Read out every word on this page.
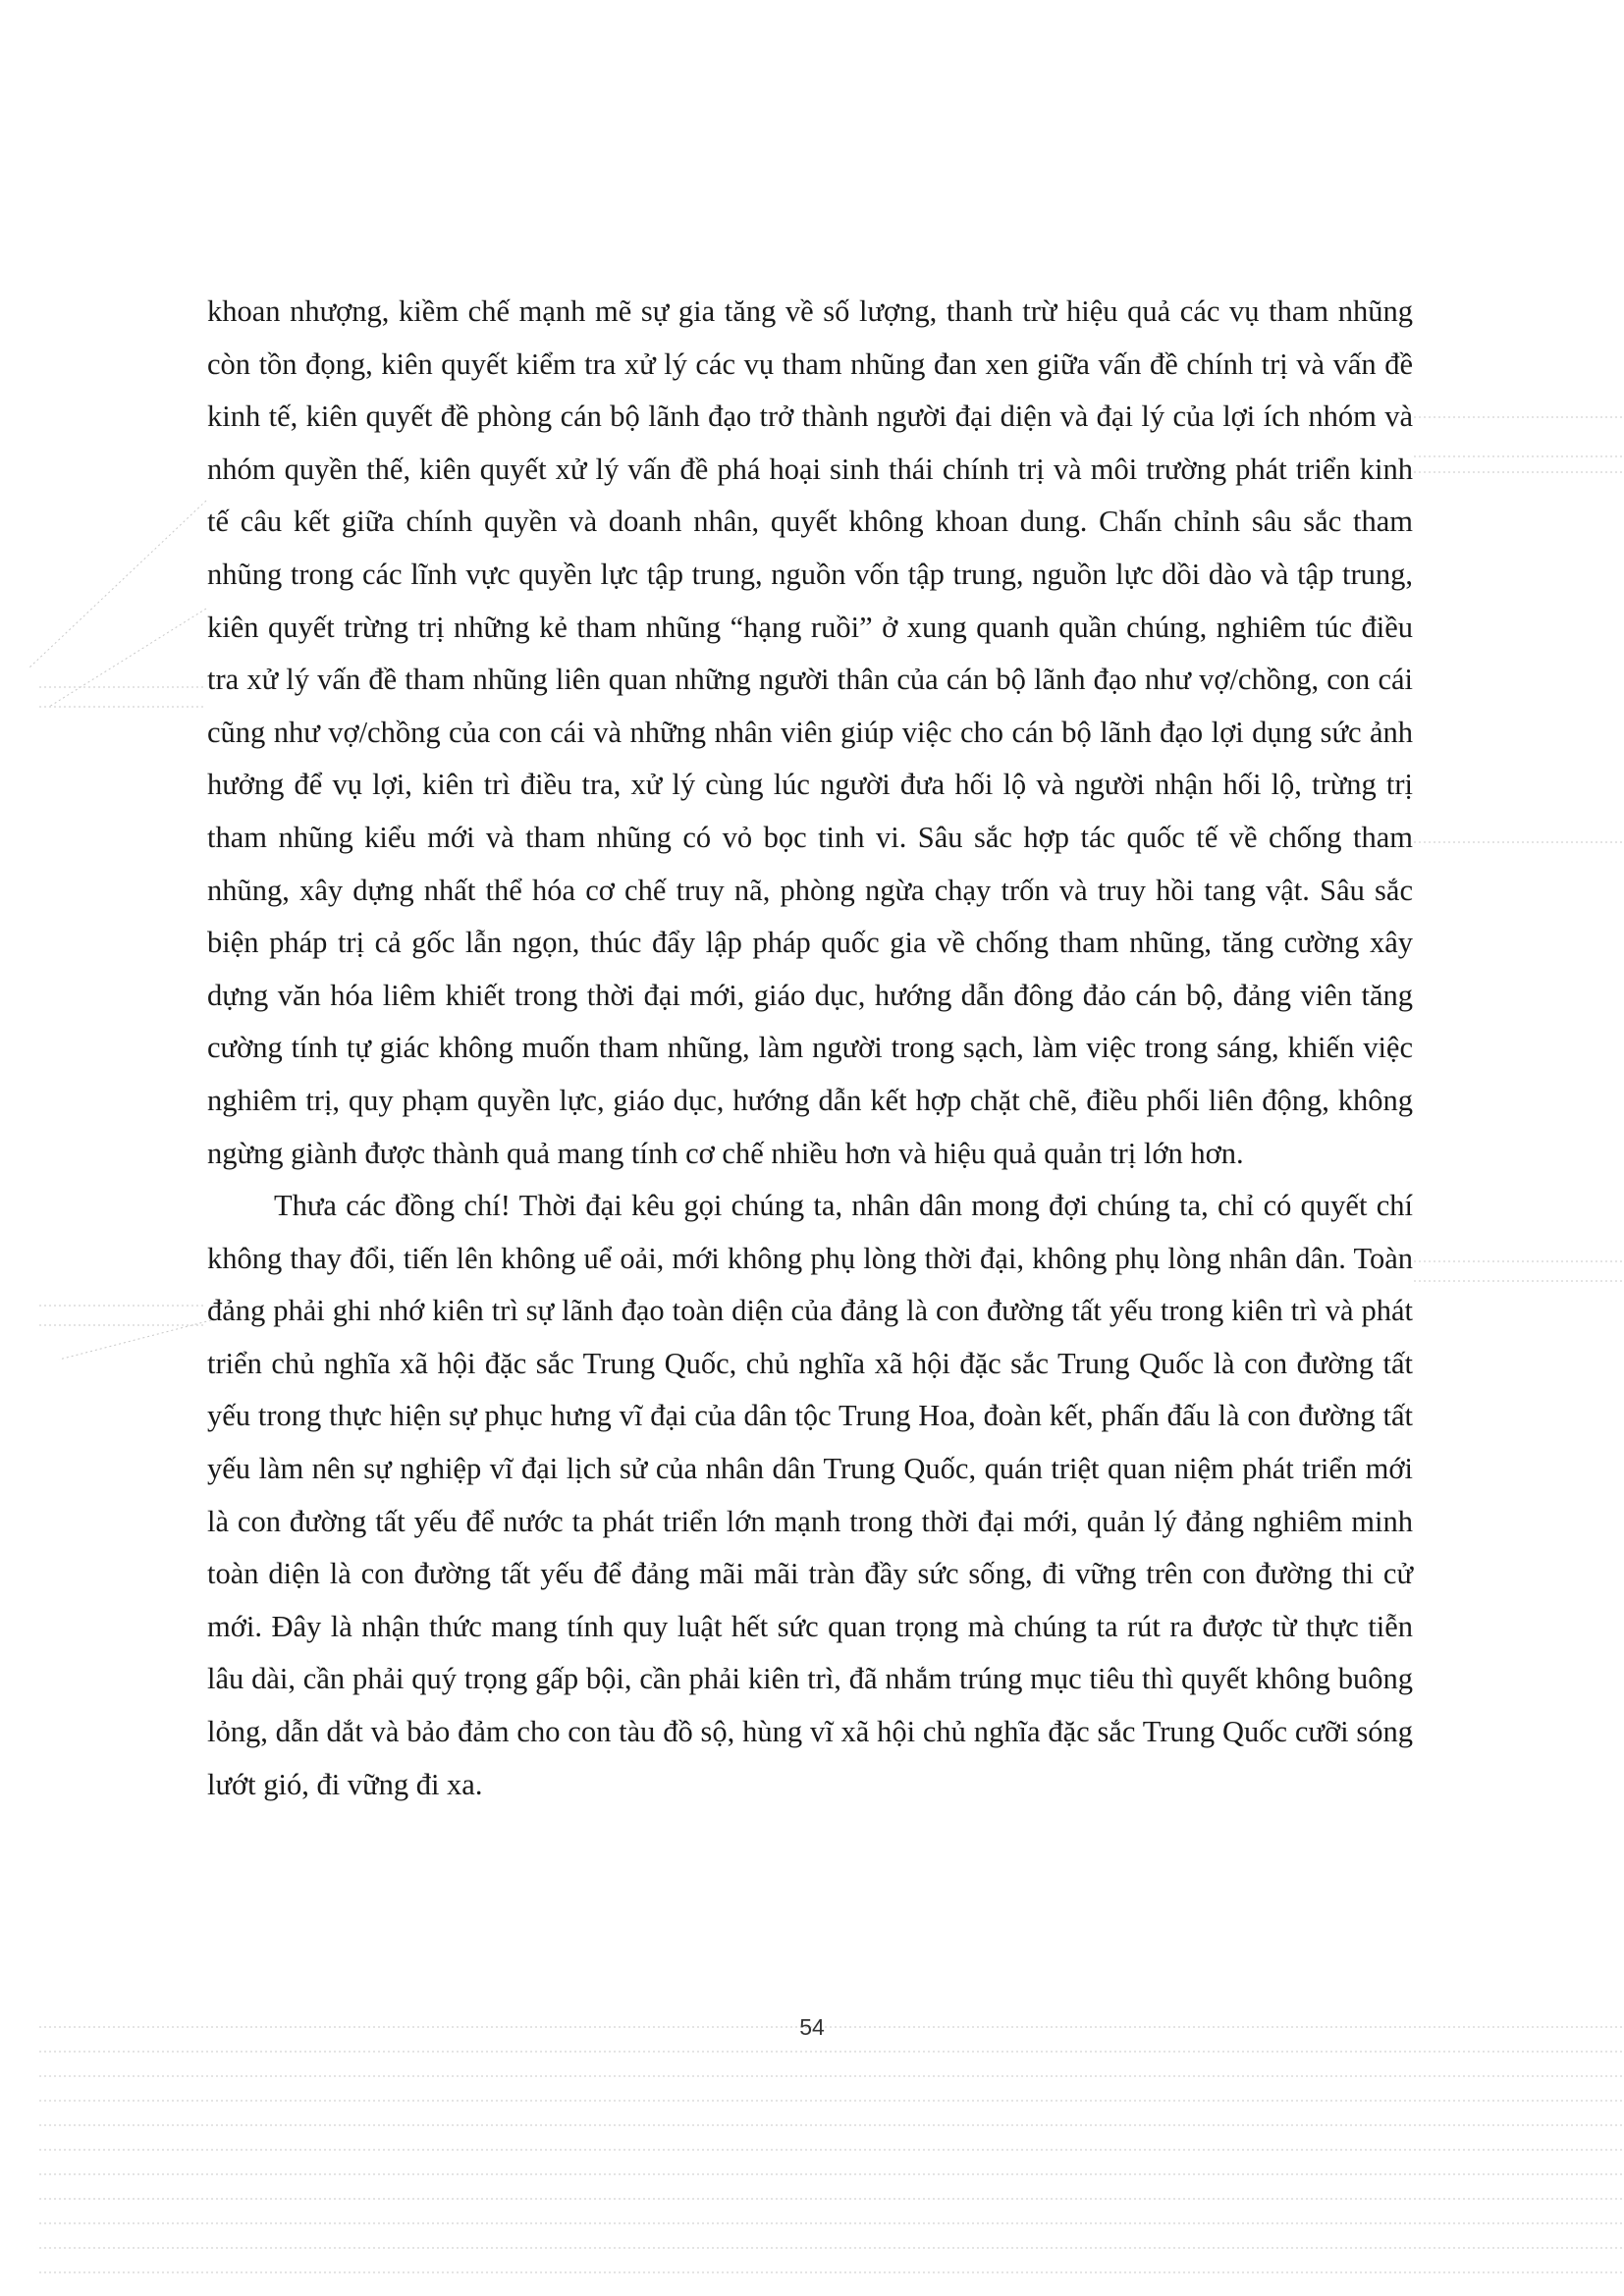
khoan nhượng, kiềm chế mạnh mẽ sự gia tăng về số lượng, thanh trừ hiệu quả các vụ tham nhũng còn tồn đọng, kiên quyết kiểm tra xử lý các vụ tham nhũng đan xen giữa vấn đề chính trị và vấn đề kinh tế, kiên quyết đề phòng cán bộ lãnh đạo trở thành người đại diện và đại lý của lợi ích nhóm và nhóm quyền thế, kiên quyết xử lý vấn đề phá hoại sinh thái chính trị và môi trường phát triển kinh tế câu kết giữa chính quyền và doanh nhân, quyết không khoan dung. Chấn chỉnh sâu sắc tham nhũng trong các lĩnh vực quyền lực tập trung, nguồn vốn tập trung, nguồn lực dồi dào và tập trung, kiên quyết trừng trị những kẻ tham nhũng “hạng ruồi” ở xung quanh quần chúng, nghiêm túc điều tra xử lý vấn đề tham nhũng liên quan những người thân của cán bộ lãnh đạo như vợ/chồng, con cái cũng như vợ/chồng của con cái và những nhân viên giúp việc cho cán bộ lãnh đạo lợi dụng sức ảnh hưởng để vụ lợi, kiên trì điều tra, xử lý cùng lúc người đưa hối lộ và người nhận hối lộ, trừng trị tham nhũng kiểu mới và tham nhũng có vỏ bọc tinh vi. Sâu sắc hợp tác quốc tế về chống tham nhũng, xây dựng nhất thể hóa cơ chế truy nã, phòng ngừa chạy trốn và truy hồi tang vật. Sâu sắc biện pháp trị cả gốc lẫn ngọn, thúc đẩy lập pháp quốc gia về chống tham nhũng, tăng cường xây dựng văn hóa liêm khiết trong thời đại mới, giáo dục, hướng dẫn đông đảo cán bộ, đảng viên tăng cường tính tự giác không muốn tham nhũng, làm người trong sạch, làm việc trong sáng, khiến việc nghiêm trị, quy phạm quyền lực, giáo dục, hướng dẫn kết hợp chặt chẽ, điều phối liên động, không ngừng giành được thành quả mang tính cơ chế nhiều hơn và hiệu quả quản trị lớn hơn.

Thưa các đồng chí! Thời đại kêu gọi chúng ta, nhân dân mong đợi chúng ta, chỉ có quyết chí không thay đổi, tiến lên không uể oải, mới không phụ lòng thời đại, không phụ lòng nhân dân. Toàn đảng phải ghi nhớ kiên trì sự lãnh đạo toàn diện của đảng là con đường tất yếu trong kiên trì và phát triển chủ nghĩa xã hội đặc sắc Trung Quốc, chủ nghĩa xã hội đặc sắc Trung Quốc là con đường tất yếu trong thực hiện sự phục hưng vĩ đại của dân tộc Trung Hoa, đoàn kết, phấn đấu là con đường tất yếu làm nên sự nghiệp vĩ đại lịch sử của nhân dân Trung Quốc, quán triệt quan niệm phát triển mới là con đường tất yếu để nước ta phát triển lớn mạnh trong thời đại mới, quản lý đảng nghiêm minh toàn diện là con đường tất yếu để đảng mãi mãi tràn đầy sức sống, đi vững trên con đường thi cử mới. Đây là nhận thức mang tính quy luật hết sức quan trọng mà chúng ta rút ra được từ thực tiễn lâu dài, cần phải quý trọng gấp bội, cần phải kiên trì, đã nhắm trúng mục tiêu thì quyết không buông lỏng, dẫn dắt và bảo đảm cho con tàu đồ sộ, hùng vĩ xã hội chủ nghĩa đặc sắc Trung Quốc cưỡi sóng lướt gió, đi vững đi xa.

54
